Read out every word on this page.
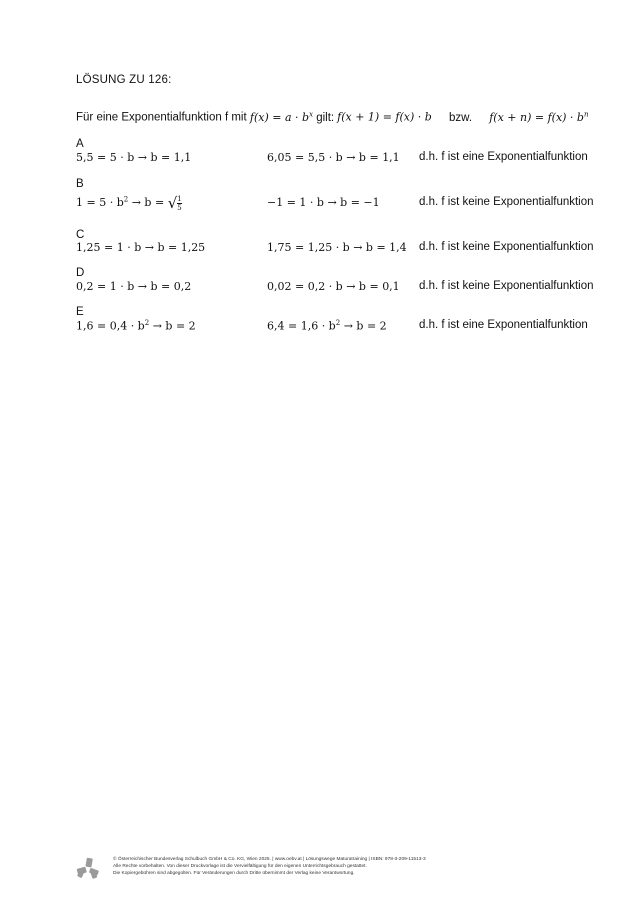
LÖSUNG ZU 126:
Für eine Exponentialfunktion f mit $f(x) = a \cdot b^x$ gilt: f(x + 1) = f(x) · b bzw. $f(x + n) = f(x) \cdot b^n$
A
5,5 = 5 · b → b = 1,1	6,05 = 5,5 · b → b = 1,1 d.h. f ist eine Exponentialfunktion
B
$1 = 5 \cdot b^2 \to b$ = √ $\frac{1}{5}$	−1 = 1 · b → b = −1	d.h. f ist keine Exponentialfunktion
C
1,25 = 1 · b → b = 1,25	1,75 = 1,25 · b → b = 1,4 d.h. f ist keine Exponentialfunktion
D
0,2 = 1 · b → b = 0,2	0,02 = 0,2 · b → b = 0,1 d.h. f ist keine Exponentialfunktion
E
$1,6 = 0,4 \cdot b^2 \to b = 2$	$6,4 = 1,6 \cdot b^2 \to b = 2$	d.h. f ist eine Exponentialfunktion
© Österreichischer Bundesverlag Schulbuch GmbH & Co. KG, Wien 2025. | www.oebv.at | Lösungswege Maturatraining | ISBN: 978-3-209-11513-3
Alle Rechte vorbehalten. Von dieser Druckvorlage ist die Vervielfältigung für den eigenen Unterrichtsgebrauch gestattet.
Die Kopiergebühren sind abgegolten. Für Veränderungen durch Dritte übernimmt der Verlag keine Verantwortung.
